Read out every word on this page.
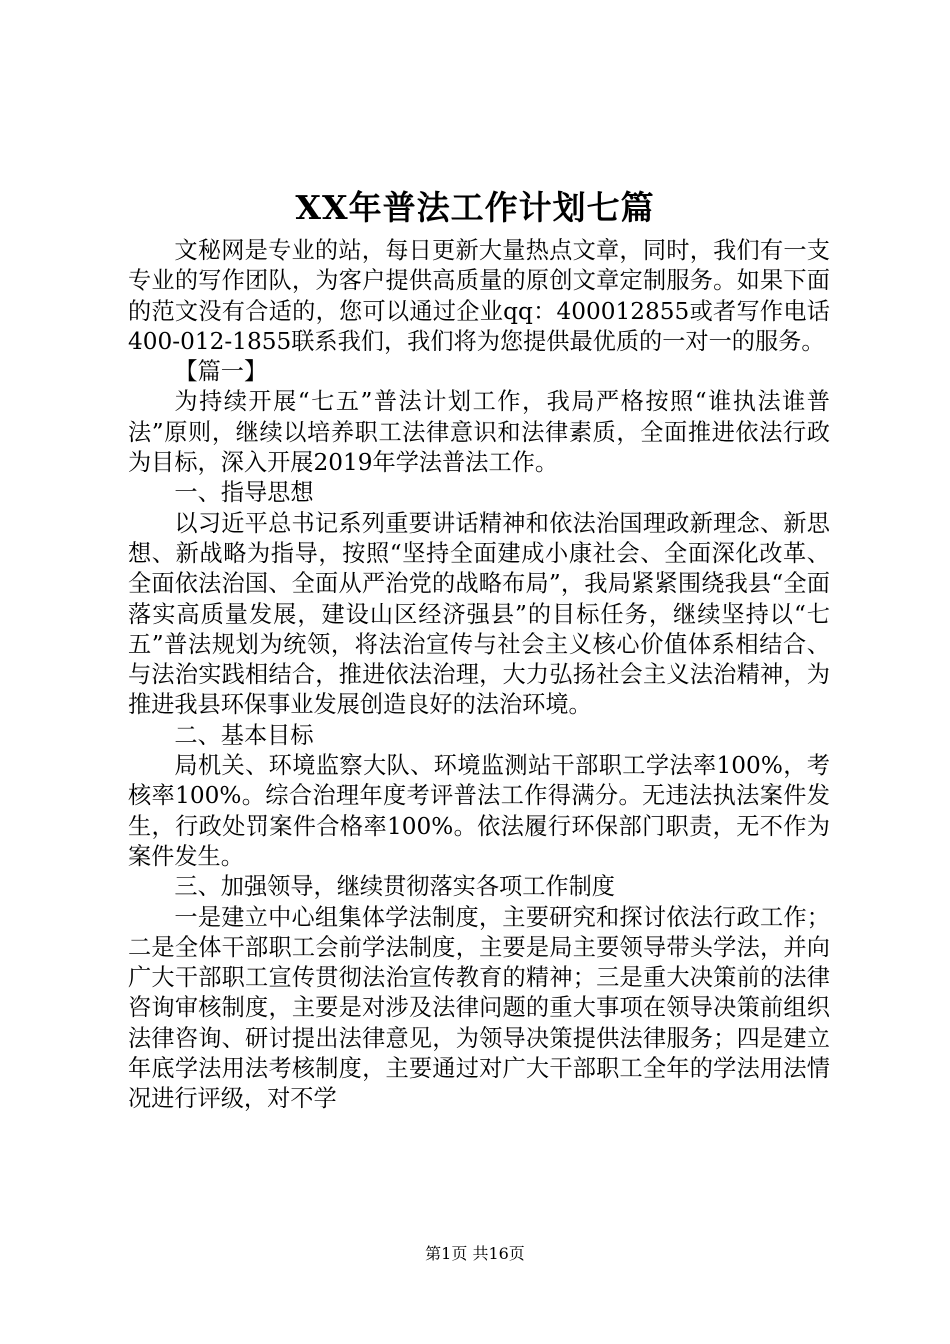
XX年普法工作计划七篇

文秘网是专业的站，每日更新大量热点文章，同时，我们有一支专业的写作团队，为客户提供高质量的原创文章定制服务。如果下面的范文没有合适的，您可以通过企业qq：400012855或者写作电话400-012-1855联系我们，我们将为您提供最优质的一对一的服务。

【篇一】

为持续开展“七五”普法计划工作，我局严格按照“谁执法谁普法”原则，继续以培养职工法律意识和法律素质，全面推进依法行政为目标，深入开展2019年学法普法工作。

一、指导思想

以习近平总书记系列重要讲话精神和依法治国理政新理念、新思想、新战略为指导，按照“坚持全面建成小康社会、全面深化改革、全面依法治国、全面从严治党的战略布局”，我局紧紧围绕我县“全面落实高质量发展，建设山区经济强县”的目标任务，继续坚持以“七五”普法规划为统领，将法治宣传与社会主义核心价值体系相结合、与法治实践相结合，推进依法治理，大力弘扬社会主义法治精神，为推进我县环保事业发展创造良好的法治环境。

二、基本目标

局机关、环境监察大队、环境监测站干部职工学法率100%，考核率100%。综合治理年度考评普法工作得满分。无违法执法案件发生，行政处罚案件合格率100%。依法履行环保部门职责，无不作为案件发生。

三、加强领导，继续贯彻落实各项工作制度

一是建立中心组集体学法制度，主要研究和探讨依法行政工作；二是全体干部职工会前学法制度，主要是局主要领导带头学法，并向广大干部职工宣传贯彻法治宣传教育的精神；三是重大决策前的法律咨询审核制度，主要是对涉及法律问题的重大事项在领导决策前组织法律咨询、研讨提出法律意见，为领导决策提供法律服务；四是建立年底学法用法考核制度，主要通过对广大干部职工全年的学法用法情况进行评级，对不学

第1页 共16页
